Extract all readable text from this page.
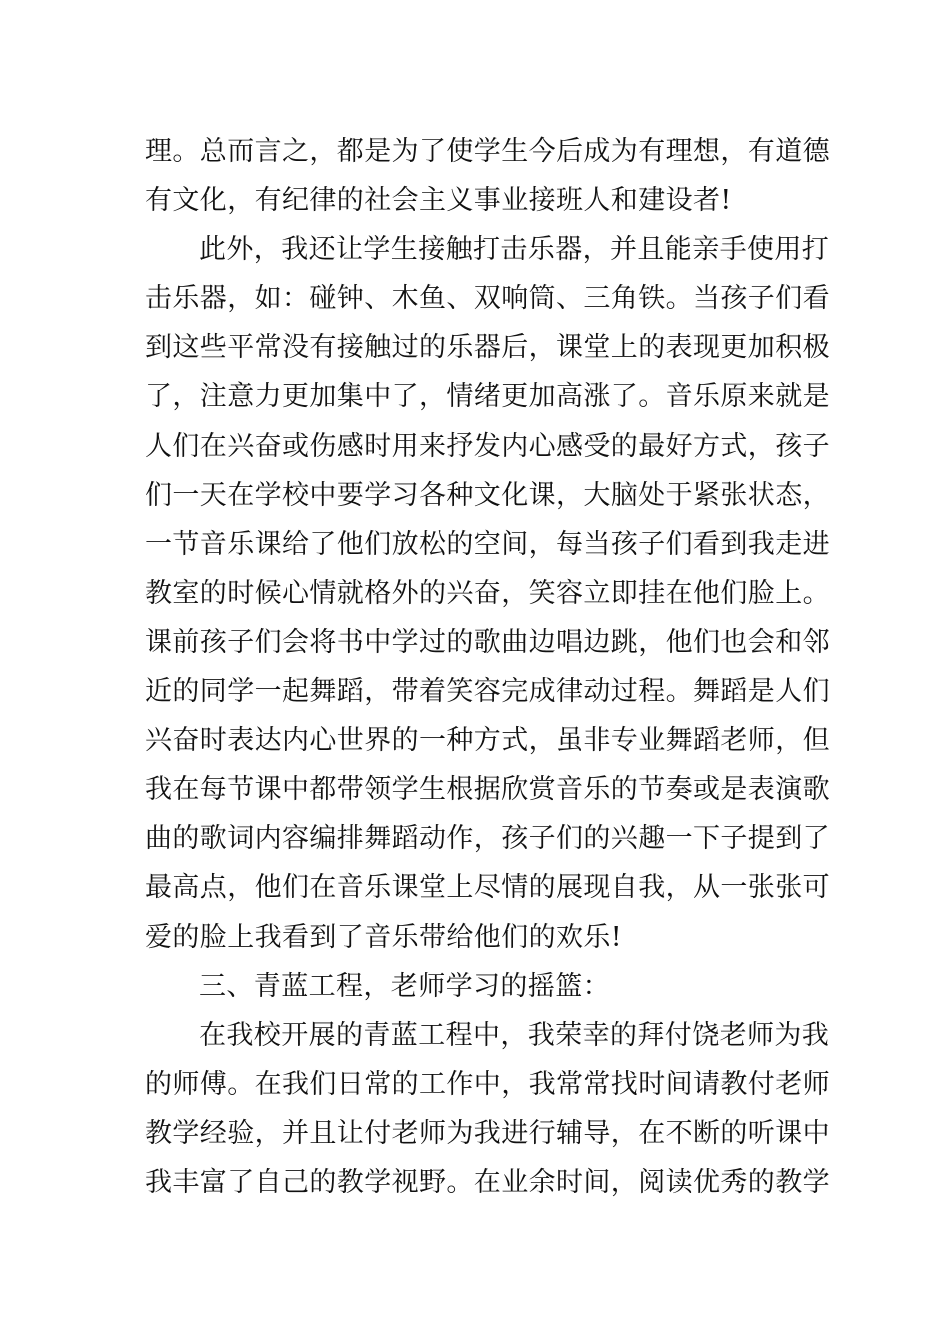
理。总而言之，都是为了使学生今后成为有理想，有道德
有文化，有纪律的社会主义事业接班人和建设者!
此外，我还让学生接触打击乐器，并且能亲手使用打
击乐器，如：碰钟、木鱼、双响筒、三角铁。当孩子们看
到这些平常没有接触过的乐器后，课堂上的表现更加积极
了，注意力更加集中了，情绪更加高涨了。音乐原来就是
人们在兴奋或伤感时用来抒发内心感受的最好方式，孩子
们一天在学校中要学习各种文化课，大脑处于紧张状态，
一节音乐课给了他们放松的空间，每当孩子们看到我走进
教室的时候心情就格外的兴奋，笑容立即挂在他们脸上。
课前孩子们会将书中学过的歌曲边唱边跳，他们也会和邻
近的同学一起舞蹈，带着笑容完成律动过程。舞蹈是人们
兴奋时表达内心世界的一种方式，虽非专业舞蹈老师，但
我在每节课中都带领学生根据欣赏音乐的节奏或是表演歌
曲的歌词内容编排舞蹈动作，孩子们的兴趣一下子提到了
最高点，他们在音乐课堂上尽情的展现自我，从一张张可
爱的脸上我看到了音乐带给他们的欢乐!
三、青蓝工程，老师学习的摇篮：
在我校开展的青蓝工程中，我荣幸的拜付饶老师为我
的师傅。在我们日常的工作中，我常常找时间请教付老师
教学经验，并且让付老师为我进行辅导，在不断的听课中
我丰富了自己的教学视野。在业余时间，阅读优秀的教学
